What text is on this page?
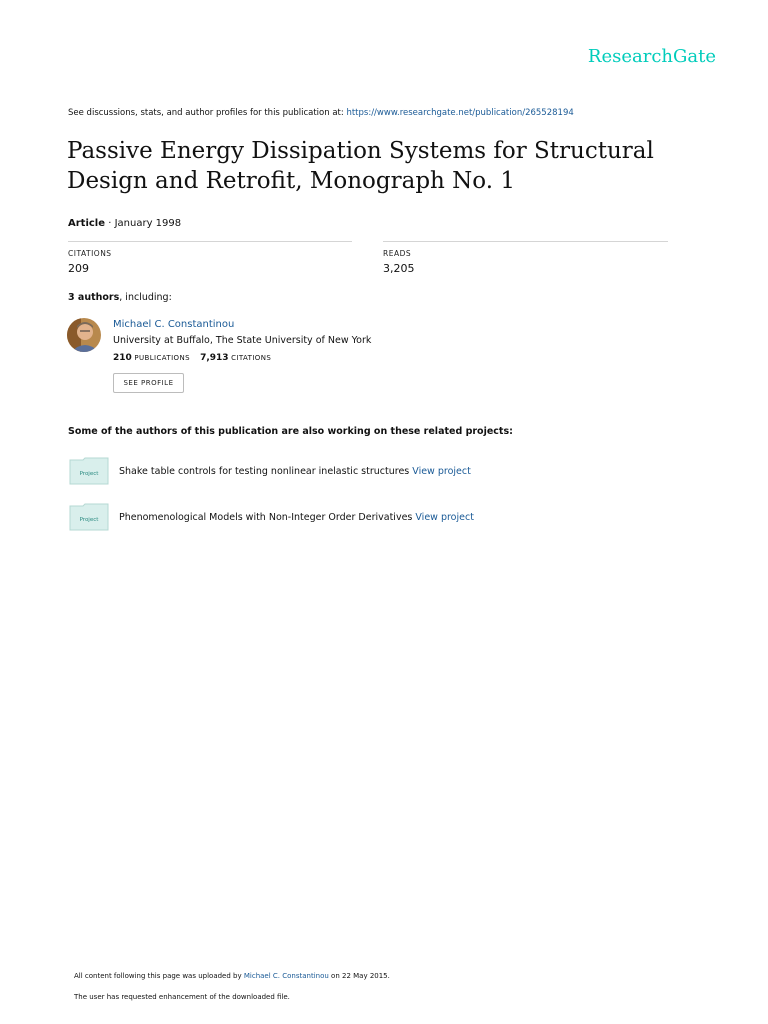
ResearchGate
See discussions, stats, and author profiles for this publication at: https://www.researchgate.net/publication/265528194
Passive Energy Dissipation Systems for Structural Design and Retrofit, Monograph No. 1
Article · January 1998
CITATIONS
209
READS
3,205
3 authors, including:
Michael C. Constantinou
University at Buffalo, The State University of New York
210 PUBLICATIONS 7,913 CITATIONS
SEE PROFILE
Some of the authors of this publication are also working on these related projects:
Project Shake table controls for testing nonlinear inelastic structures View project
Project Phenomenological Models with Non-Integer Order Derivatives View project
All content following this page was uploaded by Michael C. Constantinou on 22 May 2015.
The user has requested enhancement of the downloaded file.
